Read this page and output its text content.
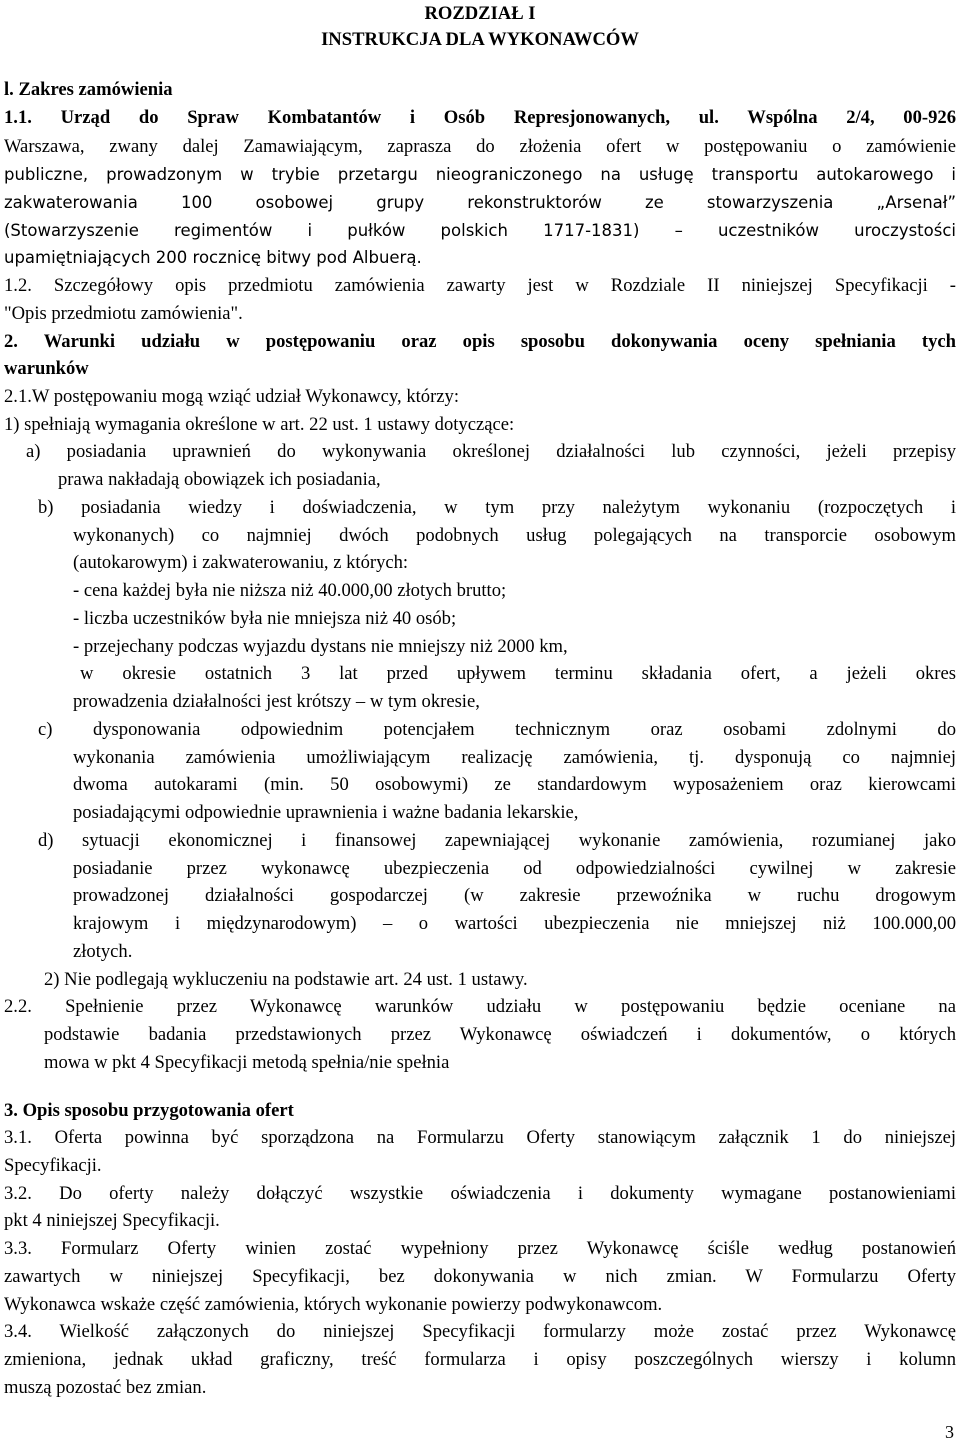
ROZDZIAŁ I
INSTRUKCJA DLA WYKONAWCÓW
l. Zakres zamówienia
1.1. Urząd do Spraw Kombatantów i Osób Represjonowanych, ul. Wspólna 2/4, 00-926
Warszawa, zwany dalej Zamawiającym, zaprasza do złożenia ofert w postępowaniu o zamówienie
publiczne, prowadzonym w trybie przetargu nieograniczonego na usługę transportu autokarowego i
zakwaterowania 100 osobowej grupy rekonstruktorów ze stowarzyszenia „Arsenał”
(Stowarzyszenie regimentów i pułków polskich 1717-1831) – uczestników uroczystości
upamiętniających 200 rocznicę bitwy pod Albuerą.
1.2. Szczegółowy opis przedmiotu zamówienia zawarty jest w Rozdziale II niniejszej Specyfikacji -
"Opis przedmiotu zamówienia".
2. Warunki udziału w postępowaniu oraz opis sposobu dokonywania oceny spełniania tych
warunków
2.1.W postępowaniu mogą wziąć udział Wykonawcy, którzy:
1) spełniają wymagania określone w art. 22 ust. 1 ustawy dotyczące:
a) posiadania uprawnień do wykonywania określonej działalności lub czynności, jeżeli przepisy
prawa nakładają obowiązek ich posiadania,
b) posiadania wiedzy i doświadczenia, w tym przy należytym wykonaniu (rozpoczętych i
wykonanych) co najmniej dwóch podobnych usług polegających na transporcie osobowym
(autokarowym) i zakwaterowaniu, z których:
- cena każdej była nie niższa niż 40.000,00 złotych brutto;
- liczba uczestników była nie mniejsza niż 40 osób;
- przejechany podczas wyjazdu dystans nie mniejszy niż 2000 km,
w okresie ostatnich 3 lat przed upływem terminu składania ofert, a jeżeli okres
prowadzenia działalności jest krótszy – w tym okresie,
c) dysponowania odpowiednim potencjałem technicznym oraz osobami zdolnymi do
wykonania zamówienia umożliwiającym realizację zamówienia, tj. dysponują co najmniej
dwoma autokarami (min. 50 osobowymi) ze standardowym wyposażeniem oraz kierowcami
posiadającymi odpowiednie uprawnienia i ważne badania lekarskie,
d) sytuacji ekonomicznej i finansowej zapewniającej wykonanie zamówienia, rozumianej jako
posiadanie przez wykonawcę ubezpieczenia od odpowiedzialności cywilnej w zakresie
prowadzonej działalności gospodarczej (w zakresie przewoźnika w ruchu drogowym
krajowym i międzynarodowym) – o wartości ubezpieczenia nie mniejszej niż 100.000,00
złotych.
2) Nie podlegają wykluczeniu na podstawie art. 24 ust. 1 ustawy.
2.2. Spełnienie przez Wykonawcę warunków udziału w postępowaniu będzie oceniane na
podstawie badania przedstawionych przez Wykonawcę oświadczeń i dokumentów, o których
mowa w pkt 4 Specyfikacji metodą spełnia/nie spełnia
3. Opis sposobu przygotowania ofert
3.1. Oferta powinna być sporządzona na Formularzu Oferty stanowiącym załącznik 1 do niniejszej
Specyfikacji.
3.2. Do oferty należy dołączyć wszystkie oświadczenia i dokumenty wymagane postanowieniami
pkt 4 niniejszej Specyfikacji.
3.3. Formularz Oferty winien zostać wypełniony przez Wykonawcę ściśle według postanowień
zawartych w niniejszej Specyfikacji, bez dokonywania w nich zmian. W Formularzu Oferty
Wykonawca wskaże część zamówienia, których wykonanie powierzy podwykonawcom.
3.4. Wielkość załączonych do niniejszej Specyfikacji formularzy może zostać przez Wykonawcę
zmieniona, jednak układ graficzny, treść formularza i opisy poszczególnych wierszy i kolumn
muszą pozostać bez zmian.
3
